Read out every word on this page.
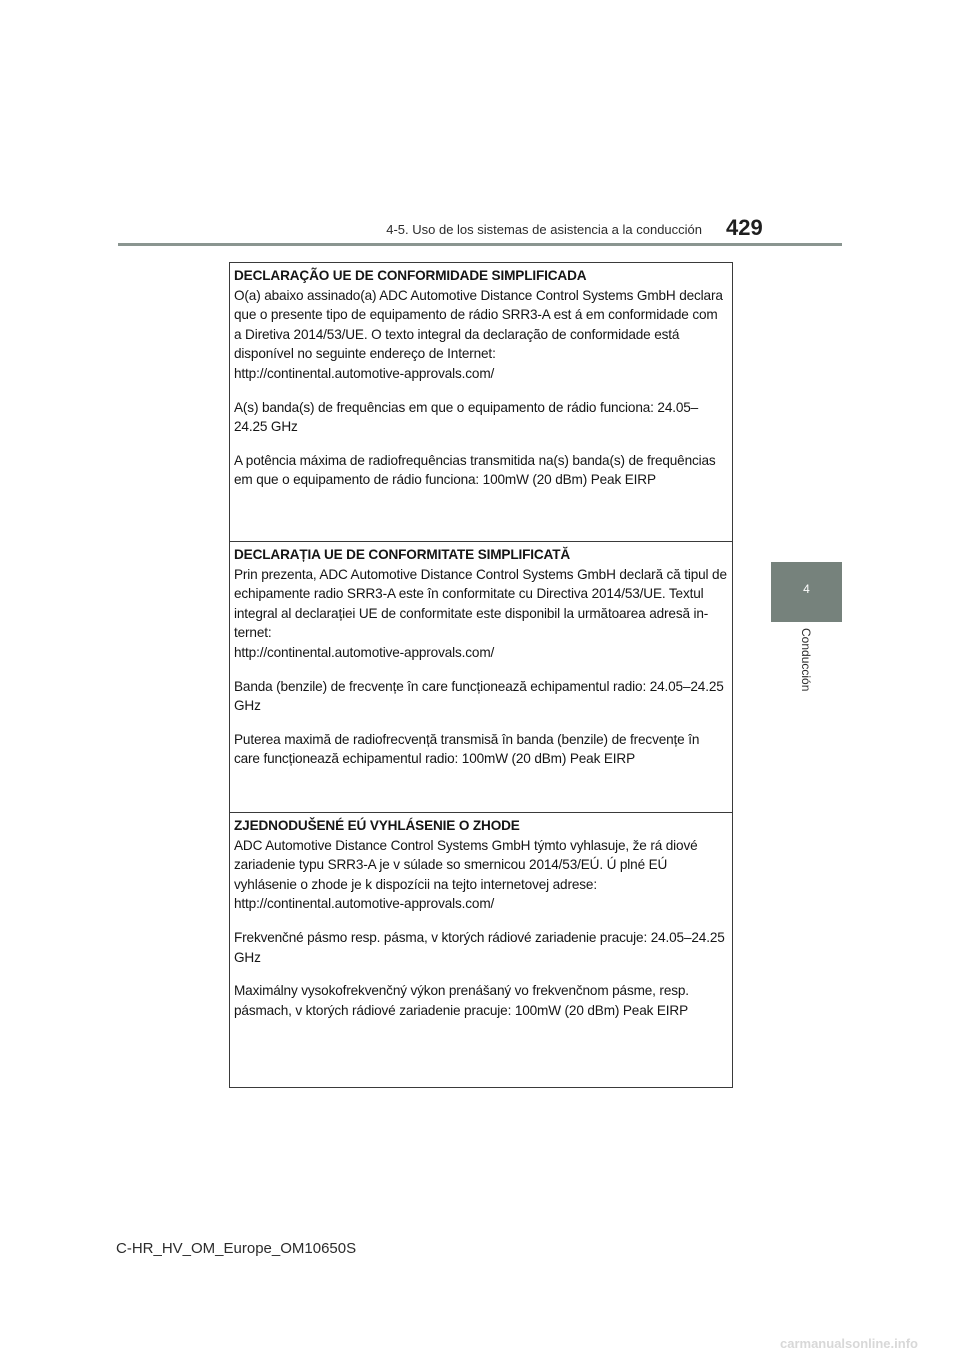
4-5. Uso de los sistemas de asistencia a la conducción 429
4
Conducción
DECLARAÇÃO UE DE CONFORMIDADE SIMPLIFICADA
O(a) abaixo assinado(a) ADC Automotive Distance Control Systems GmbH declara que o presente tipo de equipamento de rádio SRR3-A est á em conformidade com a Diretiva 2014/53/UE. O texto integral da declaração de conformidade está disponível no seguinte endereço de Internet:
http://continental.automotive-approvals.com/
A(s) banda(s) de frequências em que o equipamento de rádio funciona: 24.05–24.25 GHz
A potência máxima de radiofrequências transmitida na(s) banda(s) de frequências em que o equipamento de rádio funciona: 100mW (20 dBm) Peak EIRP
DECLARAȚIA UE DE CONFORMITATE SIMPLIFICATĂ
Prin prezenta, ADC Automotive Distance Control Systems GmbH declară că tipul de echipamente radio SRR3-A este în conformitate cu Directiva 2014/53/UE. Textul integral al declarației UE de conformitate este disponibil la următoarea adresă in-ternet:
http://continental.automotive-approvals.com/
Banda (benzile) de frecvențe în care funcționează echipamentul radio: 24.05–24.25 GHz
Puterea maximă de radiofrecvență transmisă în banda (benzile) de frecvențe în care funcționează echipamentul radio: 100mW (20 dBm) Peak EIRP
ZJEDNODUŠENÉ EÚ VYHLÁSENIE O ZHODE
ADC Automotive Distance Control Systems GmbH týmto vyhlasuje, že rá diové zariadenie typu SRR3-A je v súlade so smernicou 2014/53/EÚ. Ú plné EÚ vyhlásenie o zhode je k dispozícii na tejto internetovej adrese:
http://continental.automotive-approvals.com/
Frekvenčné pásmo resp. pásma, v ktorých rádiové zariadenie pracuje: 24.05–24.25 GHz
Maximálny vysokofrekvenčný výkon prenášaný vo frekvenčnom pásme, resp. pásmach, v ktorých rádiové zariadenie pracuje: 100mW (20 dBm) Peak EIRP
C-HR_HV_OM_Europe_OM10650S
carmanualsonline.info
